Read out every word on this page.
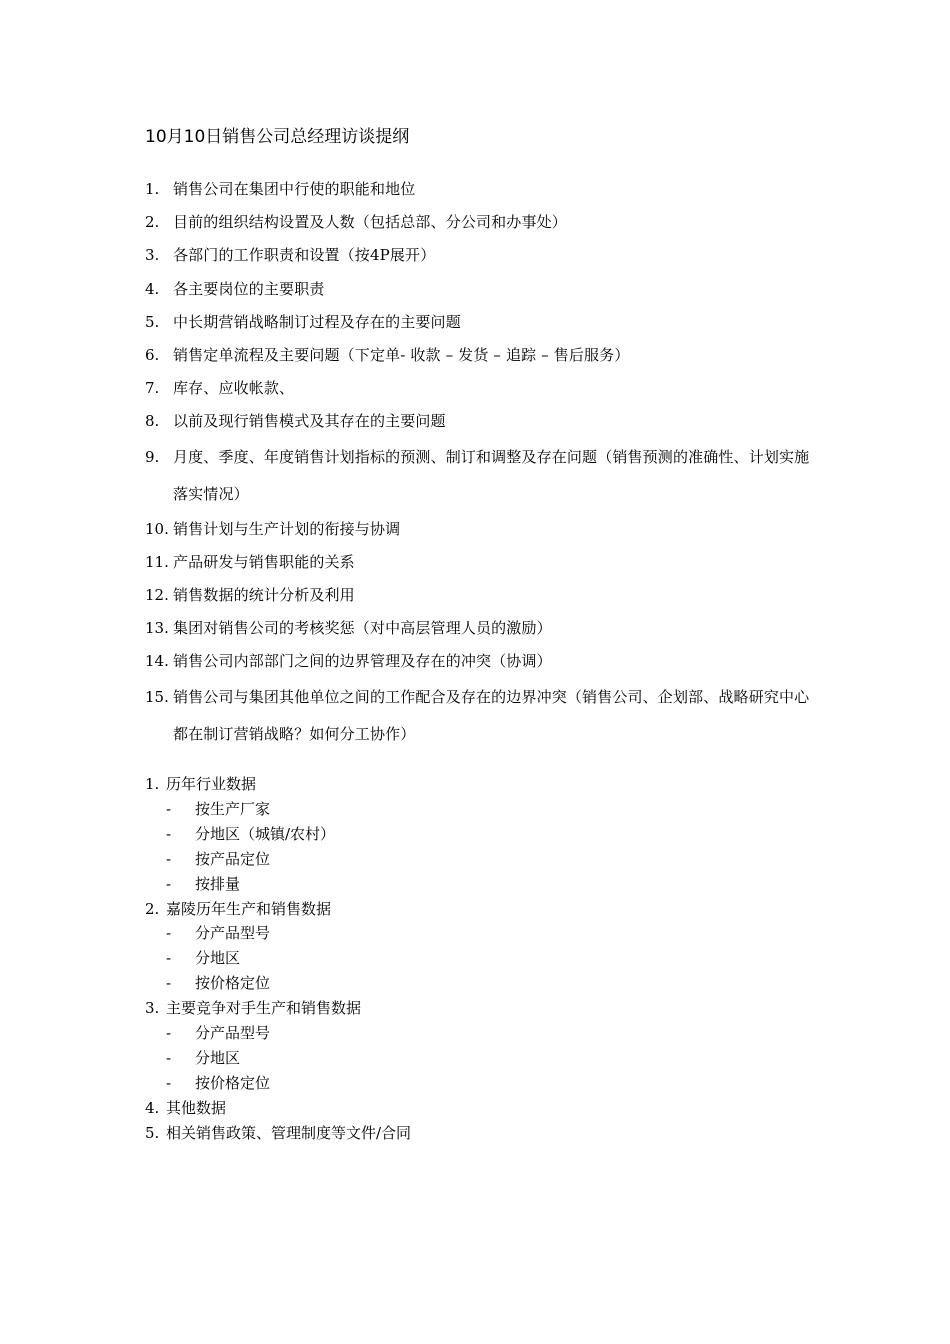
10月10日销售公司总经理访谈提纲
1. 销售公司在集团中行使的职能和地位
2. 目前的组织结构设置及人数（包括总部、分公司和办事处）
3. 各部门的工作职责和设置（按4P展开）
4. 各主要岗位的主要职责
5. 中长期营销战略制订过程及存在的主要问题
6. 销售定单流程及主要问题（下定单- 收款 – 发货 – 追踪 – 售后服务）
7. 库存、应收帐款、
8. 以前及现行销售模式及其存在的主要问题
9. 月度、季度、年度销售计划指标的预测、制订和调整及存在问题（销售预测的准确性、计划实施落实情况）
10. 销售计划与生产计划的衔接与协调
11. 产品研发与销售职能的关系
12. 销售数据的统计分析及利用
13. 集团对销售公司的考核奖惩（对中高层管理人员的激励）
14. 销售公司内部部门之间的边界管理及存在的冲突（协调）
15. 销售公司与集团其他单位之间的工作配合及存在的边界冲突（销售公司、企划部、战略研究中心都在制订营销战略？如何分工协作）
1. 历年行业数据
- 按生产厂家
- 分地区（城镇/农村）
- 按产品定位
- 按排量
2. 嘉陵历年生产和销售数据
- 分产品型号
- 分地区
- 按价格定位
3. 主要竞争对手生产和销售数据
- 分产品型号
- 分地区
- 按价格定位
4. 其他数据
5. 相关销售政策、管理制度等文件/合同
